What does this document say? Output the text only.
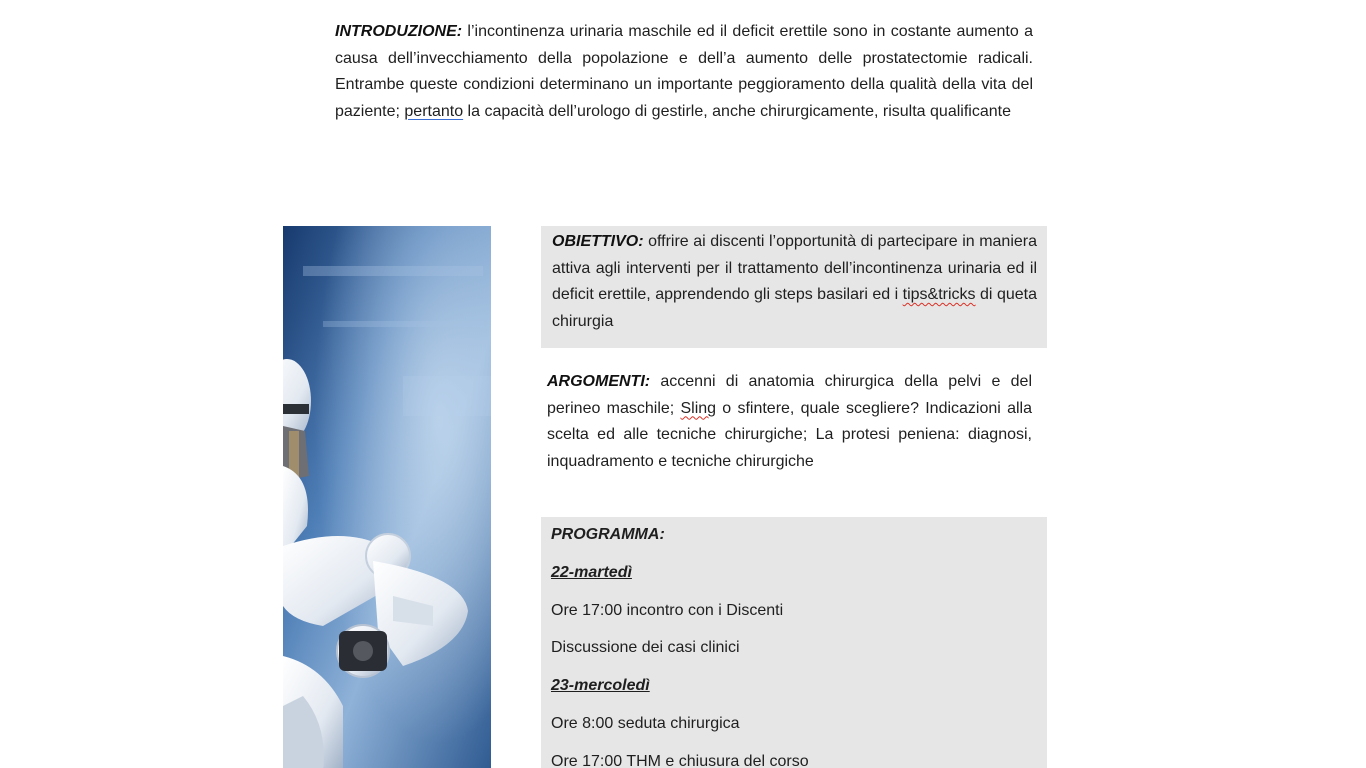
INTRODUZIONE: l’incontinenza urinaria maschile ed il deficit erettile sono in costante aumento a causa dell’invecchiamento della popolazione e dell’a aumento delle prostatectomie radicali. Entrambe queste condizioni determinano un importante peggioramento della qualità della vita del paziente; pertanto la capacità dell’urologo di gestirle, anche chirurgicamente, risulta qualificante

OBIETTIVO: offrire ai discenti l’opportunità di partecipare in maniera attiva agli interventi per il trattamento dell’incontinenza urinaria ed il deficit erettile, apprendendo gli steps basilari ed i tips&tricks di queta chirurgia

ARGOMENTI: accenni di anatomia chirurgica della pelvi e del perineo maschile; Sling o sfintere, quale scegliere? Indicazioni alla scelta ed alle tecniche chirurgiche; La protesi peniena: diagnosi, inquadramento e tecniche chirurgiche

PROGRAMMA:
22-martedì
Ore 17:00 incontro con i Discenti
Discussione dei casi clinici
23-mercoledì
Ore 8:00 seduta chirurgica
Ore 17:00 THM e chiusura del corso
